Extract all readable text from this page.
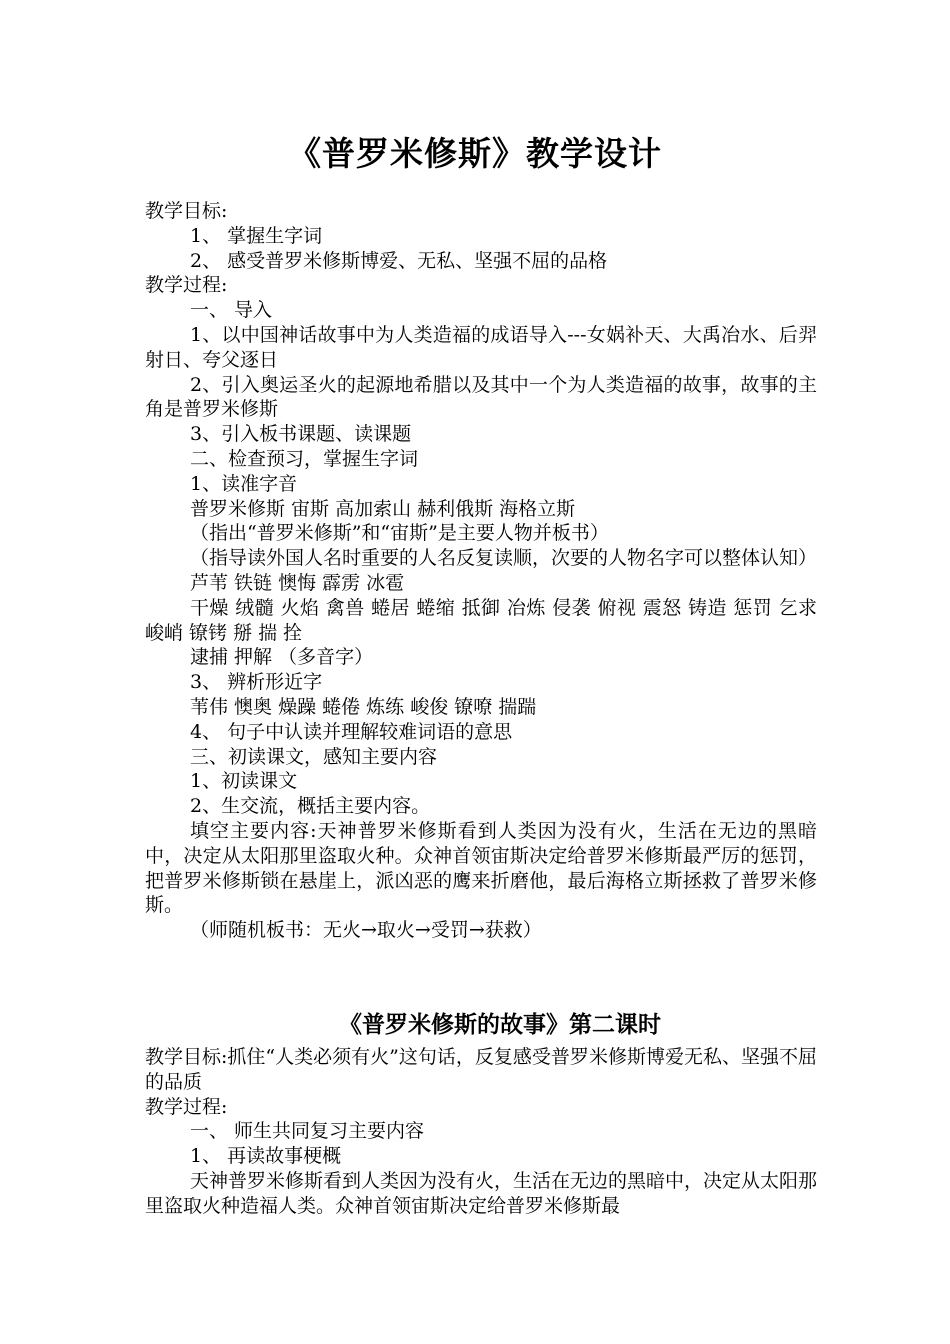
《普罗米修斯》教学设计

教学目标:

1、 掌握生字词

2、 感受普罗米修斯博爱、无私、坚强不屈的品格

教学过程:

一、 导入

1、以中国神话故事中为人类造福的成语导入---女娲补天、大禹冶水、后羿射日、夸父逐日

2、引入奥运圣火的起源地希腊以及其中一个为人类造福的故事，故事的主角是普罗米修斯

3、引入板书课题、读课题

二、检查预习，掌握生字词

1、读准字音

普罗米修斯 宙斯 高加索山 赫利俄斯 海格立斯

（指出“普罗米修斯”和“宙斯”是主要人物并板书）

（指导读外国人名时重要的人名反复读顺，次要的人物名字可以整体认知）

芦苇 铁链 懊悔 霹雳 冰雹

干燥 绒髓 火焰 禽兽 蜷居 蜷缩 抵御 冶炼 侵袭 俯视 震怒 铸造 惩罚 乞求 峻峭 镣铐 掰 揣 拴

逮捕 押解 （多音字）

3、 辨析形近字

苇伟 懊奥 燥躁 蜷倦 炼练 峻俊 镣嘹 揣踹

4、 句子中认读并理解较难词语的意思

三、初读课文，感知主要内容

1、初读课文

2、生交流，概括主要内容。

填空主要内容:天神普罗米修斯看到人类因为没有火，生活在无边的黑暗中，决定从太阳那里盗取火种。众神首领宙斯决定给普罗米修斯最严厉的惩罚，把普罗米修斯锁在悬崖上，派凶恶的鹰来折磨他，最后海格立斯拯救了普罗米修斯。

（师随机板书：无火→取火→受罚→获救）

《普罗米修斯的故事》第二课时

教学目标:抓住“人类必须有火”这句话，反复感受普罗米修斯博爱无私、坚强不屈的品质

教学过程:

一、 师生共同复习主要内容

1、 再读故事梗概

天神普罗米修斯看到人类因为没有火，生活在无边的黑暗中，决定从太阳那里盗取火种造福人类。众神首领宙斯决定给普罗米修斯最
